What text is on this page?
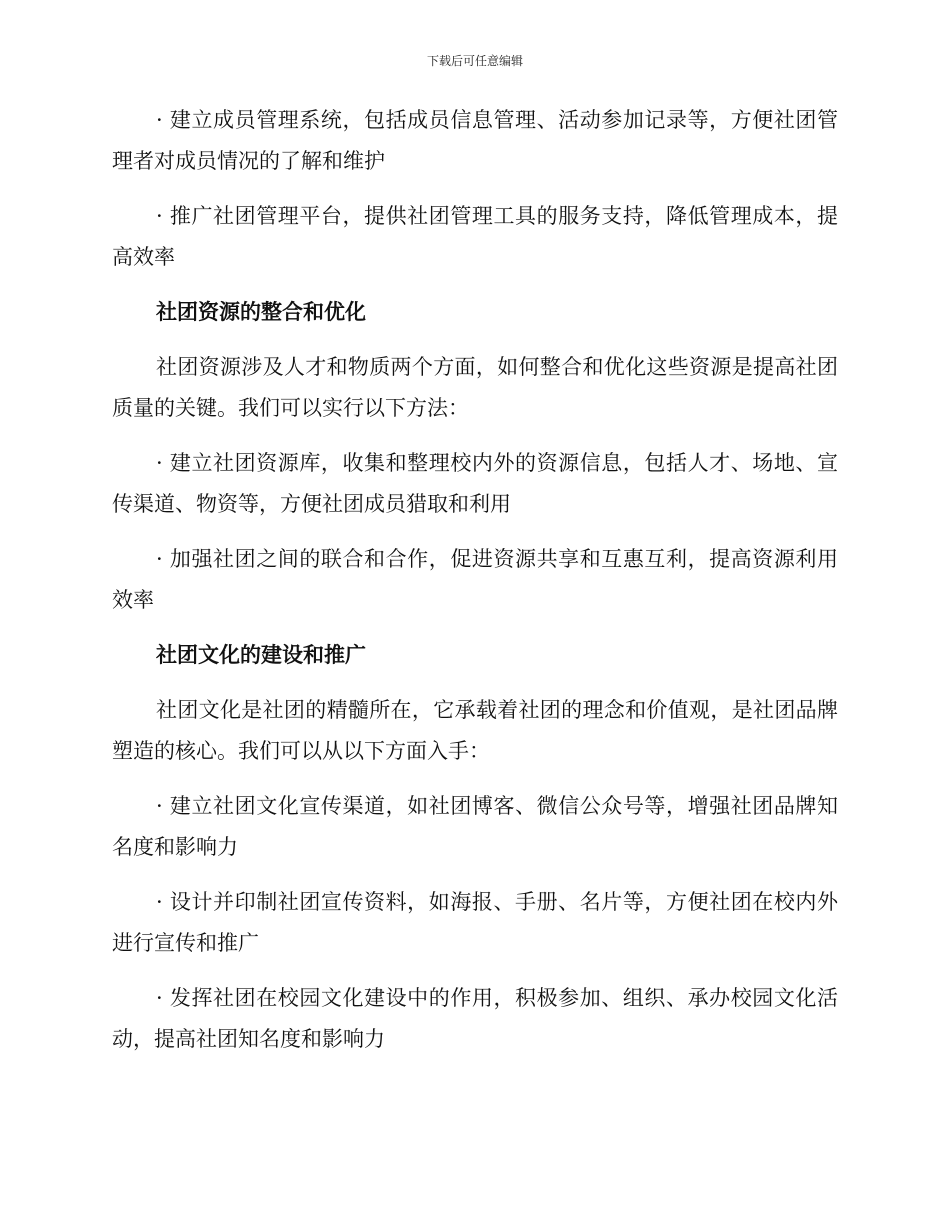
下载后可任意编辑

· 建立成员管理系统，包括成员信息管理、活动参加记录等，方便社团管理者对成员情况的了解和维护

· 推广社团管理平台，提供社团管理工具的服务支持，降低管理成本，提高效率

社团资源的整合和优化

社团资源涉及人才和物质两个方面，如何整合和优化这些资源是提高社团质量的关键。我们可以实行以下方法：

· 建立社团资源库，收集和整理校内外的资源信息，包括人才、场地、宣传渠道、物资等，方便社团成员猎取和利用

· 加强社团之间的联合和合作，促进资源共享和互惠互利，提高资源利用效率

社团文化的建设和推广

社团文化是社团的精髓所在，它承载着社团的理念和价值观，是社团品牌塑造的核心。我们可以从以下方面入手：

· 建立社团文化宣传渠道，如社团博客、微信公众号等，增强社团品牌知名度和影响力

· 设计并印制社团宣传资料，如海报、手册、名片等，方便社团在校内外进行宣传和推广

· 发挥社团在校园文化建设中的作用，积极参加、组织、承办校园文化活动，提高社团知名度和影响力
